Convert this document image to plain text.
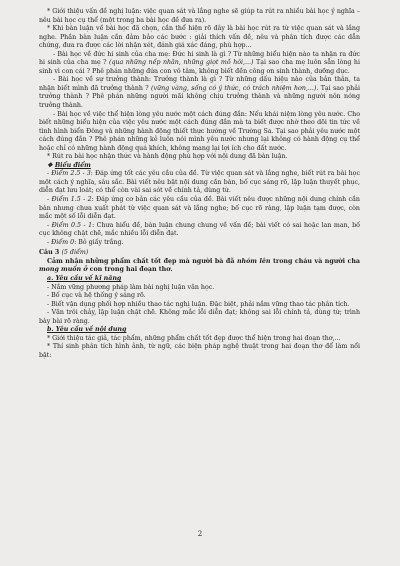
* Giới thiệu vấn đề nghị luận: việc quan sát và lắng nghe sẽ giúp ta rút ra nhiều bài học ý nghĩa – nêu bài học cụ thể (một trong ba bài học đề đưa ra).

* Khi bàn luận về bài học đã chọn, cần thể hiện rõ đây là bài học rút ra từ việc quan sát và lắng nghe. Phần bàn luận cần đảm bảo các bước : giải thích vấn đề, nêu và phân tích được các dẫn chứng, đưa ra được các lời nhận xét, đánh giá xác đáng, phù hợp...

- Bài học về đức hi sinh của cha mẹ: Đức hi sinh là gì ? Từ những biểu hiện nào ta nhận ra đức hi sinh của cha mẹ ? (qua những nếp nhăn, những giọt mồ hôi,...) Tại sao cha mẹ luôn sẵn lòng hi sinh vì con cái ? Phê phán những đứa con vô tâm, không biết đền công ơn sinh thành, dưỡng dục.

- Bài học về sự trưởng thành: Trưởng thành là gì ? Từ những dấu hiệu nào của bản thân, ta nhận biết mình đã trưởng thành ? (vững vàng, sống có ý thức, có trách nhiệm hơn,...). Tại sao phải trưởng thành ? Phê phán những người mãi không chịu trưởng thành và những người nôn nóng trưởng thành.

- Bài học về việc thể hiện lòng yêu nước một cách đúng đắn: Nếu khái niệm lòng yêu nước. Cho biết những biểu hiện của việc yêu nước một cách đúng đắn mà ta biết được nhờ theo dõi tin tức về tình hình biển Đông và những hành động thiết thực hướng về Trường Sa. Tại sao phải yêu nước một cách đúng đắn ? Phê phán những kẻ luôn nói mình yêu nước nhưng lại không có hành động cụ thể hoặc chỉ có những hành động quá khích, không mang lại lợi ích cho đất nước.

* Rút ra bài học nhận thức và hành động phù hợp với nội dung đã bàn luận.

❖ Biểu điểm

- Điểm 2.5 - 3: Đáp ứng tốt các yêu cầu của đề. Từ việc quan sát và lắng nghe, biết rút ra bài học một cách ý nghĩa, sâu sắc. Bài viết nêu bật nội dung cần bàn, bố cục sáng rõ, lập luận thuyết phục, diễn đạt lưu loát; có thể còn vài sai sót về chính tả, dùng từ.

- Điểm 1.5 - 2: Đáp ứng cơ bản các yêu cầu của đề. Bài viết nêu được những nội dung chính cần bàn nhưng chưa xuất phát từ việc quan sát và lắng nghe; bố cục rõ ràng, lập luận tạm được, còn mắc một số lỗi diễn đạt.

- Điểm 0.5 - 1: Chưa hiểu đề, bàn luận chung chung về vấn đề; bài viết có sai hoặc lan man, bố cục không chặt chẽ, mắc nhiều lỗi diễn đạt.

- Điểm 0: Bỏ giấy trắng.

Câu 3 (5 điểm)

Cảm nhận những phẩm chất tốt đẹp mà người bà đã nhóm lên trong cháu và người cha mong muốn ở con trong hai đoạn thơ.

a. Yêu cầu về kĩ năng

- Nắm vững phương pháp làm bài nghị luận văn học.

- Bố cục và hệ thống ý sáng rõ.

- Biết vận dụng phối hợp nhiều thao tác nghị luận. Đặc biệt, phải nắm vững thao tác phân tích.

- Văn trôi chảy, lập luận chặt chẽ. Không mắc lỗi diễn đạt; không sai lỗi chính tả, dùng từ; trình bày bài rõ ràng.

b. Yêu cầu về nội dung

* Giới thiệu tác giả, tác phẩm, những phẩm chất tốt đẹp được thể hiện trong hai đoạn thơ,...

* Thí sinh phân tích hình ảnh, từ ngữ, các biện pháp nghệ thuật trong hai đoạn thơ để làm nổi bật:

2
